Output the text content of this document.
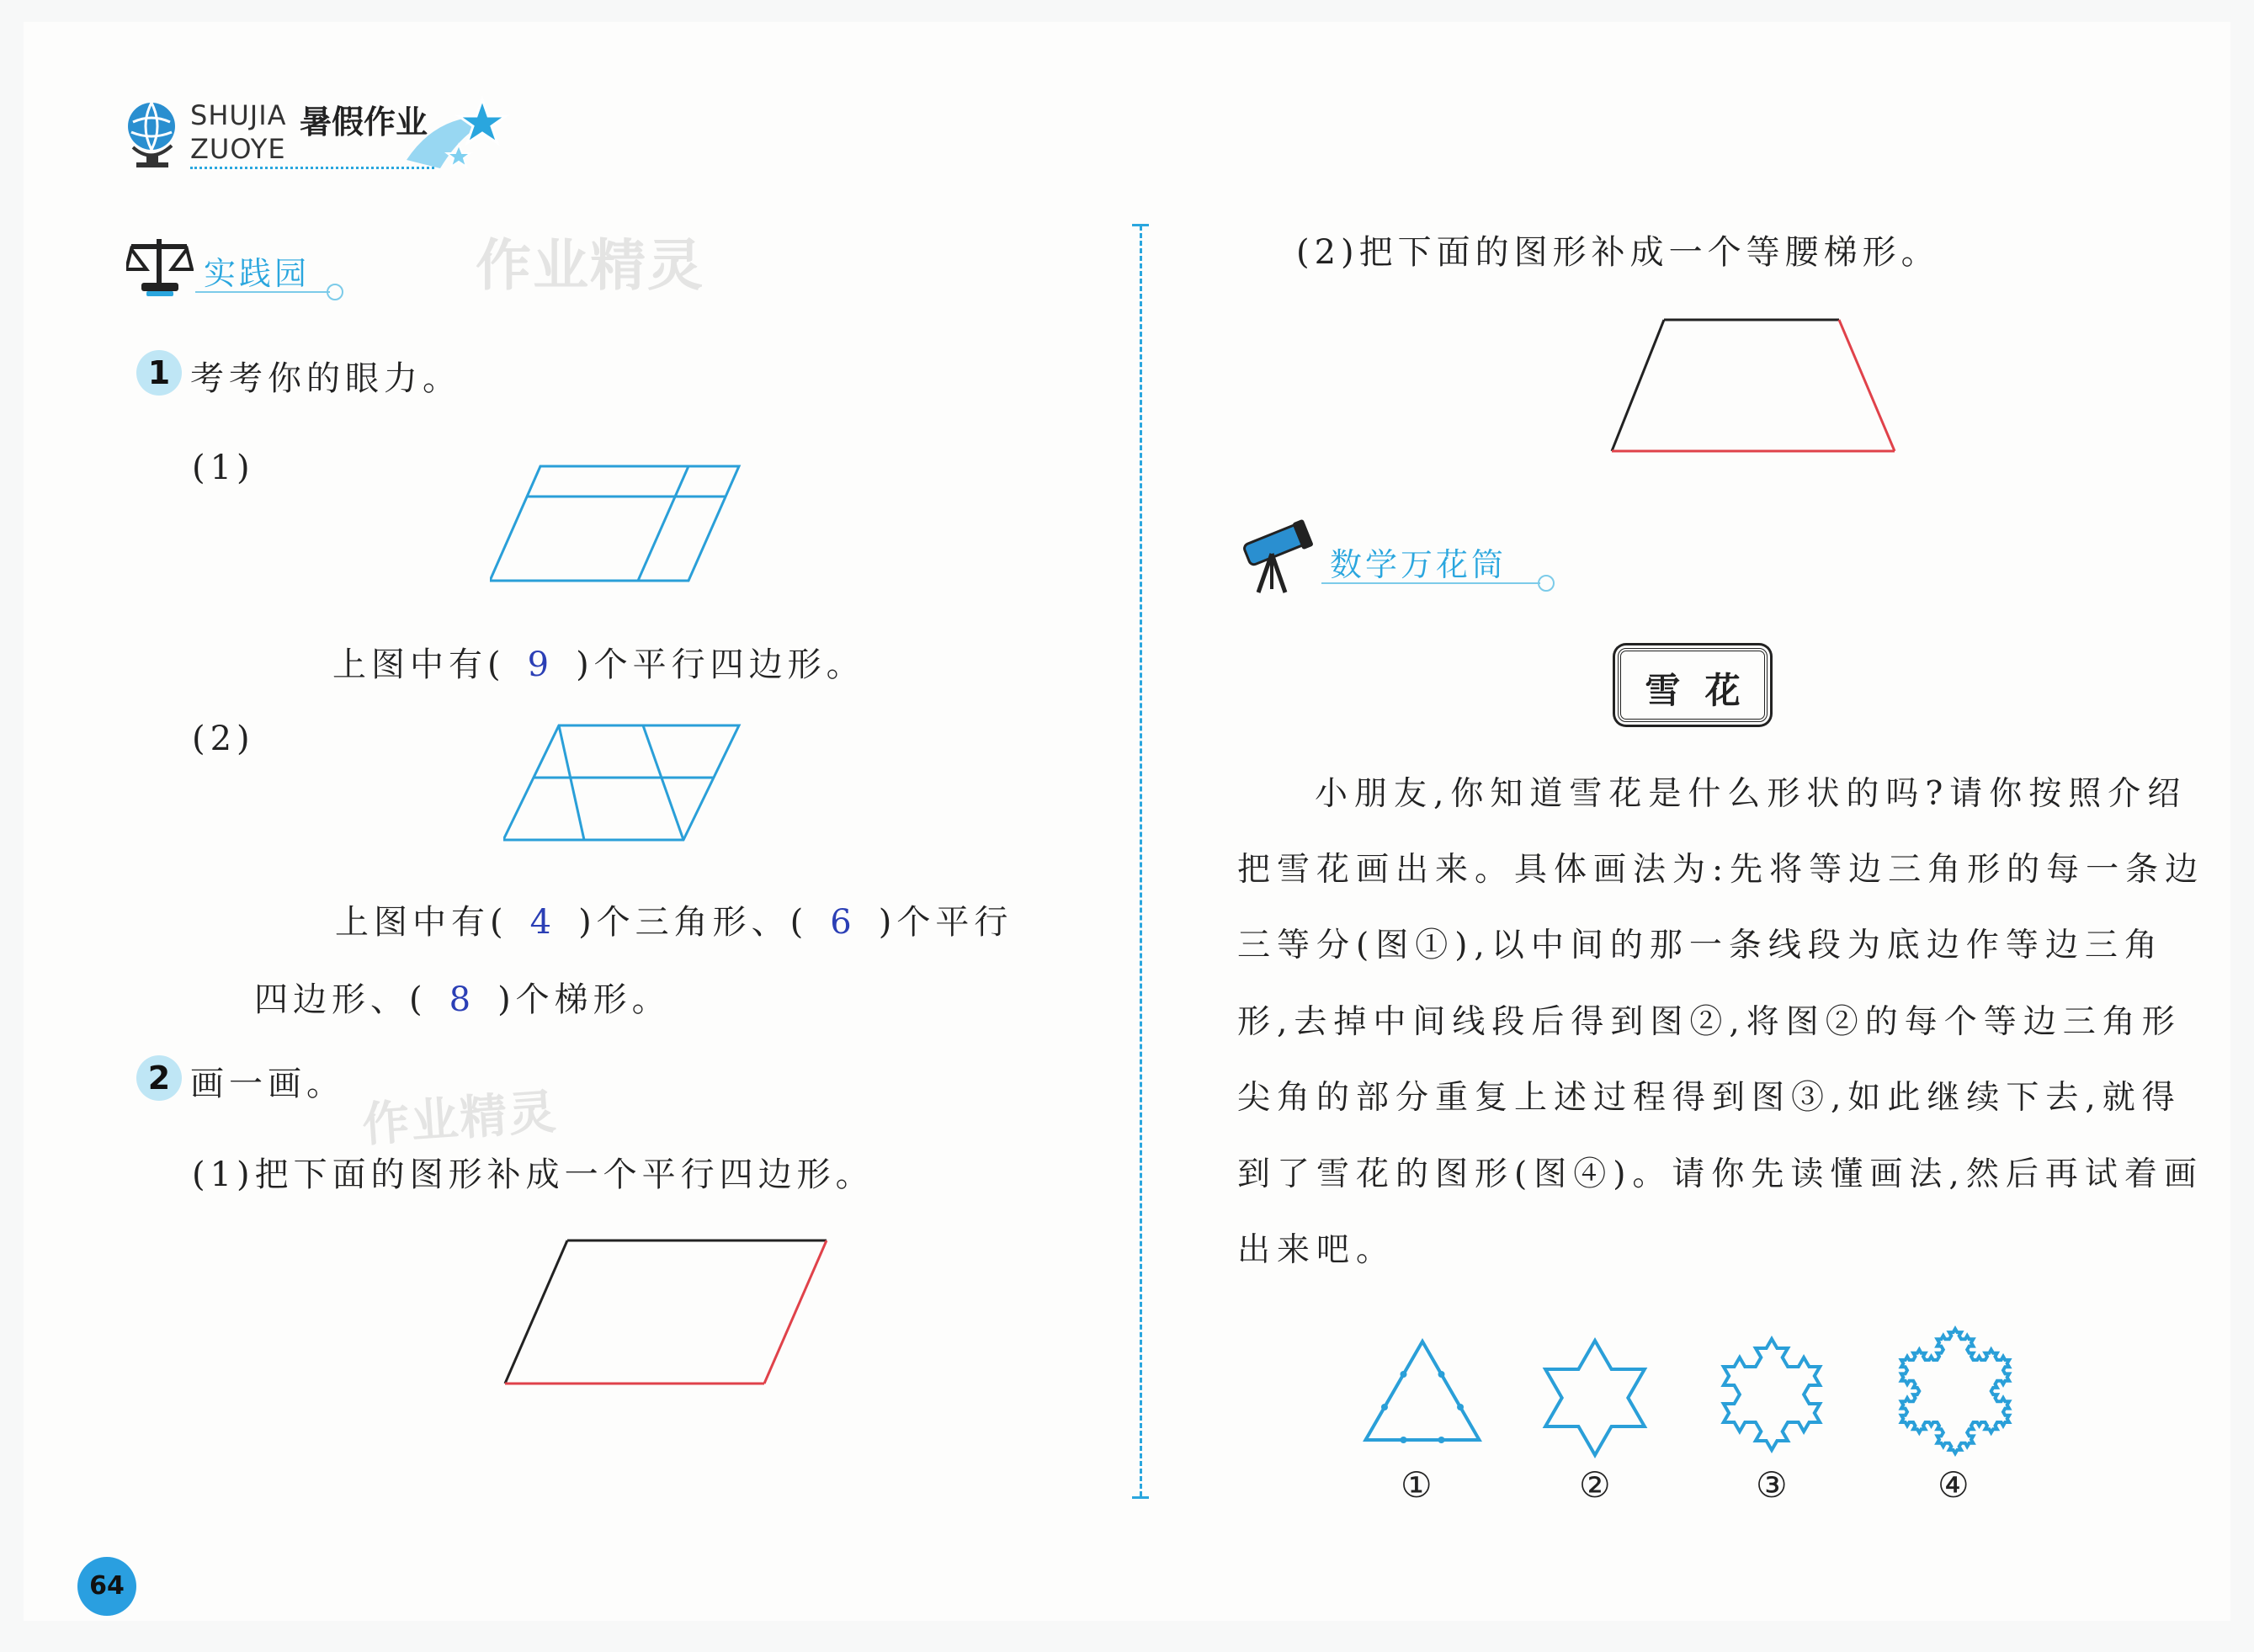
SHUJIA 暑假作业
ZUOYE
实践园	作业精灵
1 考考你的眼力。
(1)
上图中有( 9 )个平行四边形。
(2)
上图中有( 4 )个三角形、( 6 )个平行
四边形、( 8 )个梯形。
2 画一画。
作业精灵
(1)把下面的图形补成一个平行四边形。
(2)把下面的图形补成一个等腰梯形。
数学万花筒
雪  花
小朋友,你知道雪花是什么形状的吗?请你按照介绍
把雪花画出来。具体画法为:先将等边三角形的每一条边
三等分(图①),以中间的那一条线段为底边作等边三角
形,去掉中间线段后得到图②,将图②的每个等边三角形
尖角的部分重复上述过程得到图③,如此继续下去,就得
到了雪花的图形(图④)。请你先读懂画法,然后再试着画
出来吧。
①	②	③	④
64
